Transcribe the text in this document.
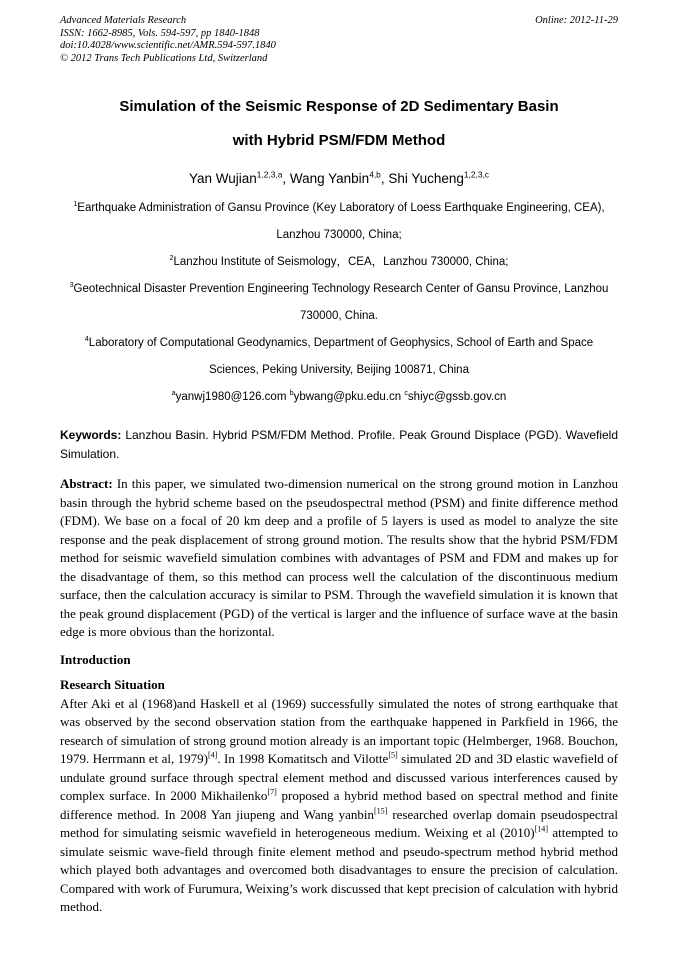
Advanced Materials Research
ISSN: 1662-8985, Vols. 594-597, pp 1840-1848
doi:10.4028/www.scientific.net/AMR.594-597.1840
© 2012 Trans Tech Publications Ltd, Switzerland
Online: 2012-11-29
Simulation of the Seismic Response of 2D Sedimentary Basin
with Hybrid PSM/FDM Method
Yan Wujian$^{1,2,3,a}$, Wang Yanbin$^{4,b}$, Shi Yucheng$^{1,2,3,c}$

$^1$Earthquake Administration of Gansu Province (Key Laboratory of Loess Earthquake Engineering, CEA), Lanzhou 730000, China;

$^2$Lanzhou Institute of Seismology，CEA，Lanzhou 730000, China;

$^3$Geotechnical Disaster Prevention Engineering Technology Research Center of Gansu Province, Lanzhou 730000, China.

$^4$Laboratory of Computational Geodynamics, Department of Geophysics, School of Earth and Space Sciences, Peking University, Beijing 100871, China

$^a$yanwj1980@126.com $^b$ybwang@pku.edu.cn $^c$shiyc@gssb.gov.cn

Keywords: Lanzhou Basin. Hybrid PSM/FDM Method. Profile. Peak Ground Displace (PGD). Wavefield Simulation.
Abstract: In this paper, we simulated two-dimension numerical on the strong ground motion in Lanzhou basin through the hybrid scheme based on the pseudospectral method (PSM) and finite difference method (FDM). We base on a focal of 20 km deep and a profile of 5 layers is used as model to analyze the site response and the peak displacement of strong ground motion. The results show that the hybrid PSM/FDM method for seismic wavefield simulation combines with advantages of PSM and FDM and makes up for the disadvantage of them, so this method can process well the calculation of the discontinuous medium surface, then the calculation accuracy is similar to PSM. Through the wavefield simulation it is known that the peak ground displacement (PGD) of the vertical is larger and the influence of surface wave at the basin edge is more obvious than the horizontal.
Introduction
Research Situation
After Aki et al (1968)and Haskell et al (1969) successfully simulated the notes of strong earthquake that was observed by the second observation station from the earthquake happened in Parkfield in 1966, the research of simulation of strong ground motion already is an important topic (Helmberger, 1968. Bouchon, 1979. Herrmann et al, 1979)[4]. In 1998 Komatitsch and Vilotte[5] simulated 2D and 3D elastic wavefield of undulate ground surface through spectral element method and discussed various interferences caused by complex surface. In 2000 Mikhailenko[7] proposed a hybrid method based on spectral method and finite difference method. In 2008 Yan jiupeng and Wang yanbin[15] researched overlap domain pseudospectral method for simulating seismic wavefield in heterogeneous medium. Weixing et al (2010)[14] attempted to simulate seismic wave-field through finite element method and pseudo-spectrum method hybrid method which played both advantages and overcomed both disadvantages to ensure the precision of calculation. Compared with work of Furumura, Weixing’s work discussed that kept precision of calculation with hybrid method.
